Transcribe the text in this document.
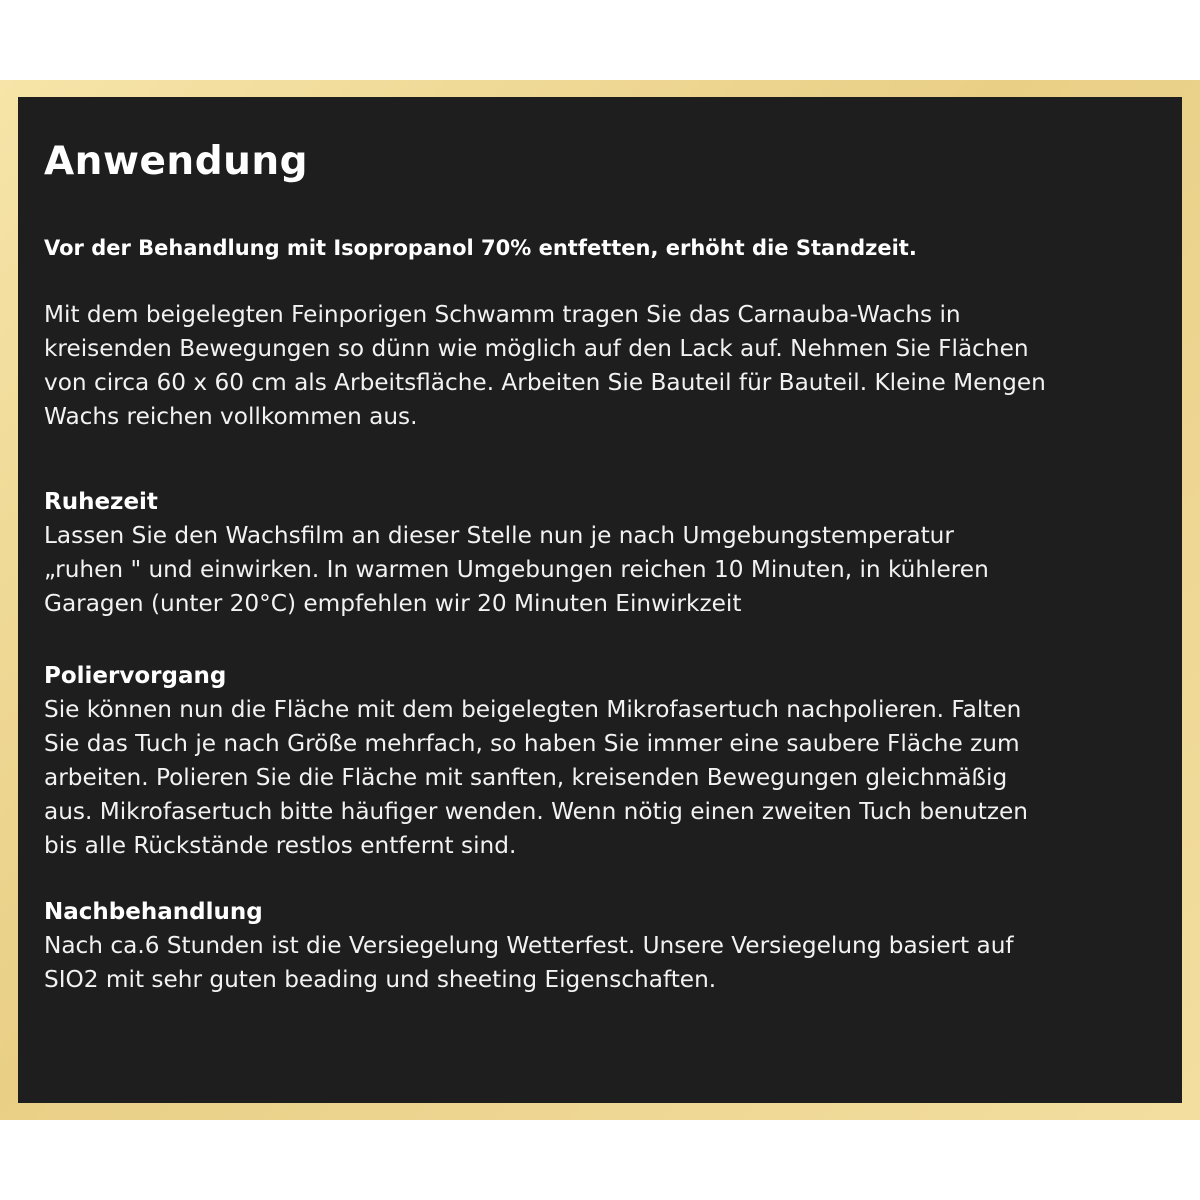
Anwendung

Vor der Behandlung mit Isopropanol 70% entfetten, erhöht die Standzeit.

Mit dem beigelegten Feinporigen Schwamm tragen Sie das Carnauba-Wachs in
kreisenden Bewegungen so dünn wie möglich auf den Lack auf. Nehmen Sie Flächen
von circa 60 x 60 cm als Arbeitsfläche. Arbeiten Sie Bauteil für Bauteil. Kleine Mengen
Wachs reichen vollkommen aus.

Ruhezeit

Lassen Sie den Wachsfilm an dieser Stelle nun je nach Umgebungstemperatur
„ruhen " und einwirken. In warmen Umgebungen reichen 10 Minuten, in kühleren
Garagen (unter 20°C) empfehlen wir 20 Minuten Einwirkzeit

Poliervorgang

Sie können nun die Fläche mit dem beigelegten Mikrofasertuch nachpolieren. Falten
Sie das Tuch je nach Größe mehrfach, so haben Sie immer eine saubere Fläche zum
arbeiten. Polieren Sie die Fläche mit sanften, kreisenden Bewegungen gleichmäßig
aus. Mikrofasertuch bitte häufiger wenden. Wenn nötig einen zweiten Tuch benutzen
bis alle Rückstände restlos entfernt sind.

Nachbehandlung

Nach ca.6 Stunden ist die Versiegelung Wetterfest. Unsere Versiegelung basiert auf
SIO2 mit sehr guten beading und sheeting Eigenschaften.
